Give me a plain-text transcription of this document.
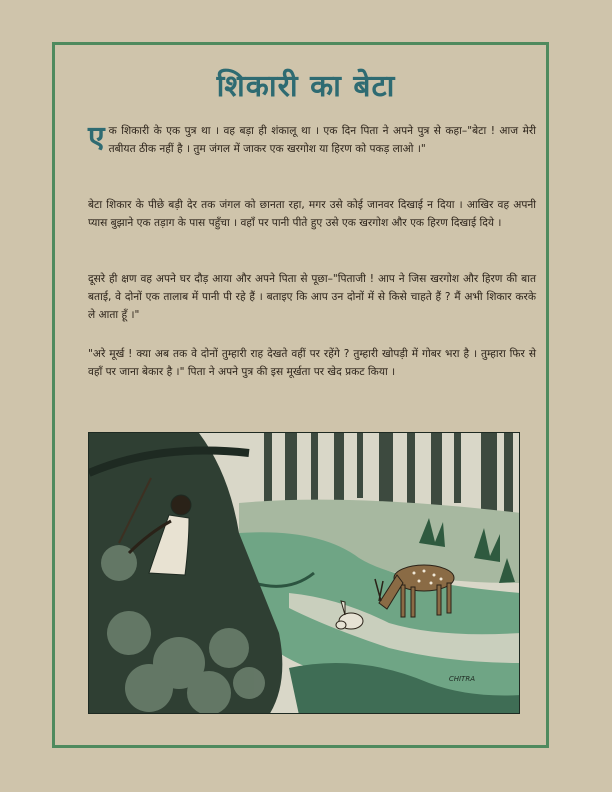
शिकारी का बेटा
एक शिकारी के एक पुत्र था । वह बड़ा ही शंकालू था । एक दिन पिता ने अपने पुत्र से कहा–"बेटा ! आज मेरी तबीयत ठीक नहीं है । तुम जंगल में जाकर एक खरगोश या हिरण को पकड़ लाओ ।"
बेटा शिकार के पीछे बड़ी देर तक जंगल को छानता रहा, मगर उसे कोई जानवर दिखाई न दिया । आखिर वह अपनी प्यास बुझाने एक तड़ाग के पास पहुँचा । वहाँ पर पानी पीते हुए उसे एक खरगोश और एक हिरण दिखाई दिये ।
दूसरे ही क्षण वह अपने घर दौड़ आया और अपने पिता से पूछा–"पिताजी ! आप ने जिस खरगोश और हिरण की बात बताई, वे दोनों एक तालाब में पानी पी रहे हैं । बताइए कि आप उन दोनों में से किसे चाहते हैं ? मैं अभी शिकार करके ले आता हूँ ।"
"अरे मूर्ख ! क्या अब तक वे दोनों तुम्हारी राह देखते वहीं पर रहेंगे ? तुम्हारी खोपड़ी में गोबर भरा है । तुम्हारा फिर से वहाँ पर जाना बेकार है ।" पिता ने अपने पुत्र की इस मूर्खता पर खेद प्रकट किया ।
CHITRA
